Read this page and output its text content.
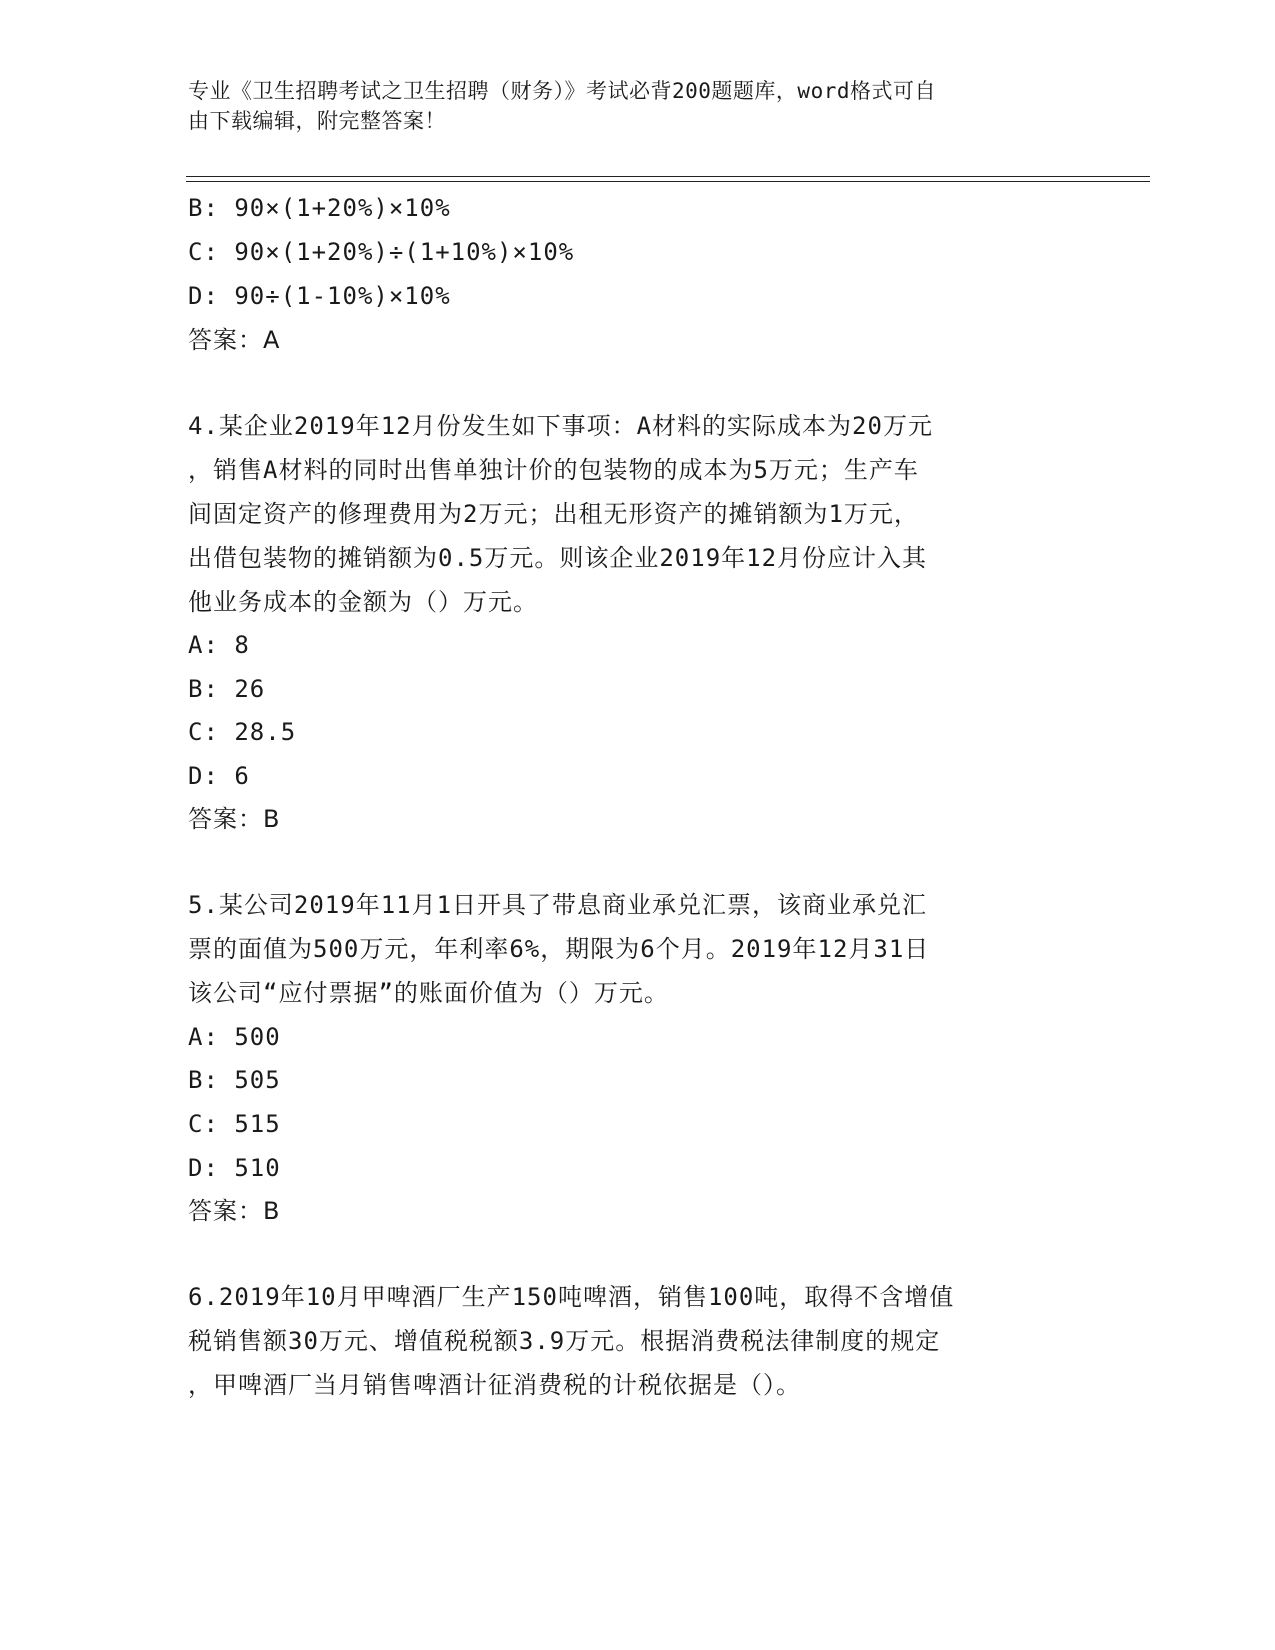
专业《卫生招聘考试之卫生招聘（财务）》考试必背200题题库，word格式可自
由下载编辑，附完整答案！
B: 90×(1+20%)×10%
C: 90×(1+20%)÷(1+10%)×10%
D: 90÷(1-10%)×10%
答案：A
4.某企业2019年12月份发生如下事项：A材料的实际成本为20万元
，销售A材料的同时出售单独计价的包装物的成本为5万元；生产车
间固定资产的修理费用为2万元；出租无形资产的摊销额为1万元，
出借包装物的摊销额为0.5万元。则该企业2019年12月份应计入其
他业务成本的金额为（）万元。
A: 8
B: 26
C: 28.5
D: 6
答案：B
5.某公司2019年11月1日开具了带息商业承兑汇票，该商业承兑汇
票的面值为500万元，年利率6%，期限为6个月。2019年12月31日
该公司“应付票据”的账面价值为（）万元。
A: 500
B: 505
C: 515
D: 510
答案：B
6.2019年10月甲啤酒厂生产150吨啤酒，销售100吨，取得不含增值
税销售额30万元、增值税税额3.9万元。根据消费税法律制度的规定
，甲啤酒厂当月销售啤酒计征消费税的计税依据是（）。
